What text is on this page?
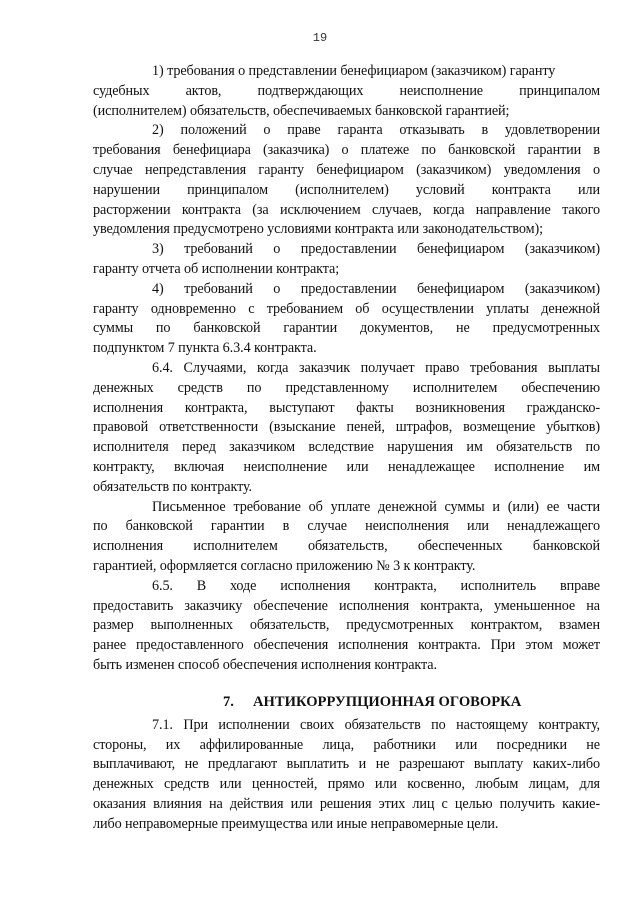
19
1) требования о представлении бенефициаром (заказчиком) гаранту
судебных актов, подтверждающих неисполнение принципалом
(исполнителем) обязательств, обеспечиваемых банковской гарантией;
2) положений о праве гаранта отказывать в удовлетворении
требования бенефициара (заказчика) о платеже по банковской гарантии в
случае непредставления гаранту бенефициаром (заказчиком) уведомления о
нарушении принципалом (исполнителем) условий контракта или
расторжении контракта (за исключением случаев, когда направление такого
уведомления предусмотрено условиями контракта или законодательством);
3) требований о предоставлении бенефициаром (заказчиком)
гаранту отчета об исполнении контракта;
4) требований о предоставлении бенефициаром (заказчиком)
гаранту одновременно с требованием об осуществлении уплаты денежной
суммы по банковской гарантии документов, не предусмотренных
подпунктом 7 пункта 6.3.4 контракта.
6.4. Случаями, когда заказчик получает право требования выплаты
денежных средств по представленному исполнителем обеспечению
исполнения контракта, выступают факты возникновения гражданско-
правовой ответственности (взыскание пеней, штрафов, возмещение убытков)
исполнителя перед заказчиком вследствие нарушения им обязательств по
контракту, включая неисполнение или ненадлежащее исполнение им
обязательств по контракту.
Письменное требование об уплате денежной суммы и (или) ее части
по банковской гарантии в случае неисполнения или ненадлежащего
исполнения исполнителем обязательств, обеспеченных банковской
гарантией, оформляется согласно приложению № 3 к контракту.
6.5. В ходе исполнения контракта, исполнитель вправе
предоставить заказчику обеспечение исполнения контракта, уменьшенное на
размер выполненных обязательств, предусмотренных контрактом, взамен
ранее предоставленного обеспечения исполнения контракта. При этом может
быть изменен способ обеспечения исполнения контракта.
7. АНТИКОРРУПЦИОННАЯ ОГОВОРКА
7.1. При исполнении своих обязательств по настоящему контракту,
стороны, их аффилированные лица, работники или посредники не
выплачивают, не предлагают выплатить и не разрешают выплату каких-либо
денежных средств или ценностей, прямо или косвенно, любым лицам, для
оказания влияния на действия или решения этих лиц с целью получить какие-
либо неправомерные преимущества или иные неправомерные цели.
